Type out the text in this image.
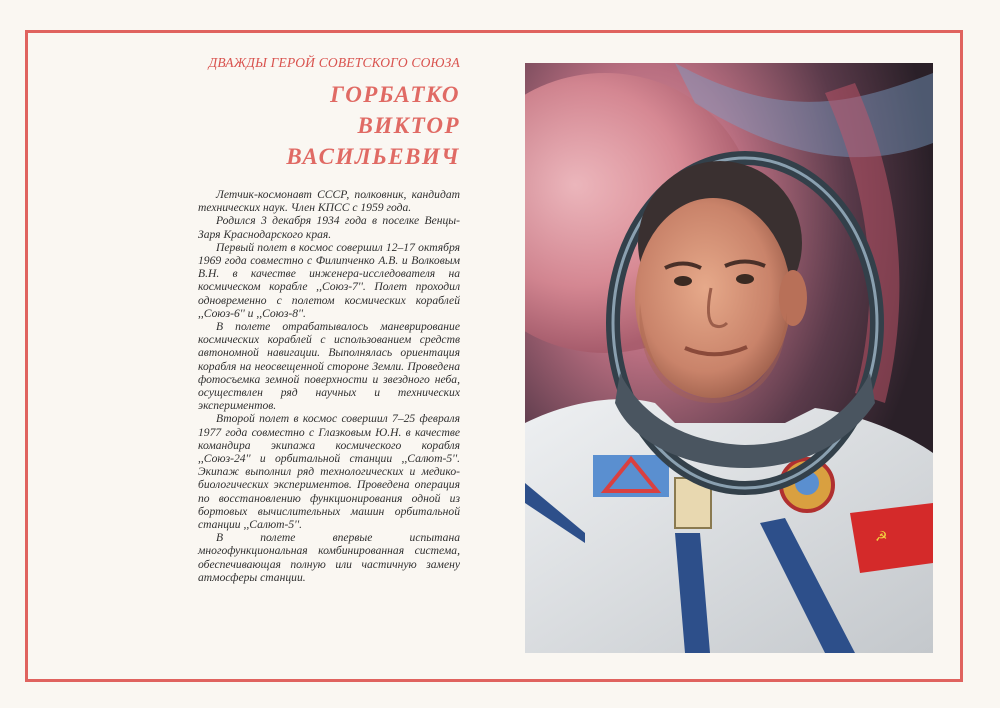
ДВАЖДЫ ГЕРОЙ СОВЕТСКОГО СОЮЗА
ГОРБАТКО
ВИКТОР
ВАСИЛЬЕВИЧ

Летчик-космонавт СССР, полковник, кандидат технических наук. Член КПСС с 1959 года.

Родился 3 декабря 1934 года в поселке Венцы-Заря Краснодарского края.

Первый полет в космос совершил 12–17 октября 1969 года совместно с Филипченко А.В. и Волковым В.Н. в качестве инженера-исследователя на космическом корабле ,,Союз-7''. Полет проходил одновременно с полетом космических кораблей ,,Союз-6'' и ,,Союз-8''.

В полете отрабатывалось маневрирование космических кораблей с использованием средств автономной навигации. Выполнялась ориентация корабля на неосвещенной стороне Земли. Проведена фотосъемка земной поверхности и звездного неба, осуществлен ряд научных и технических экспериментов.

Второй полет в космос совершил 7–25 февраля 1977 года совместно с Глазковым Ю.Н. в качестве командира экипажа космического корабля ,,Союз-24'' и орбитальной станции ,,Салют-5''. Экипаж выполнил ряд технологических и медико-биологических экспериментов. Проведена операция по восстановлению функционирования одной из бортовых вычислительных машин орбитальной станции ,,Салют-5''.

В полете впервые испытана многофункциональная комбинированная система, обеспечивающая полную или частичную замену атмосферы станции.

☭
